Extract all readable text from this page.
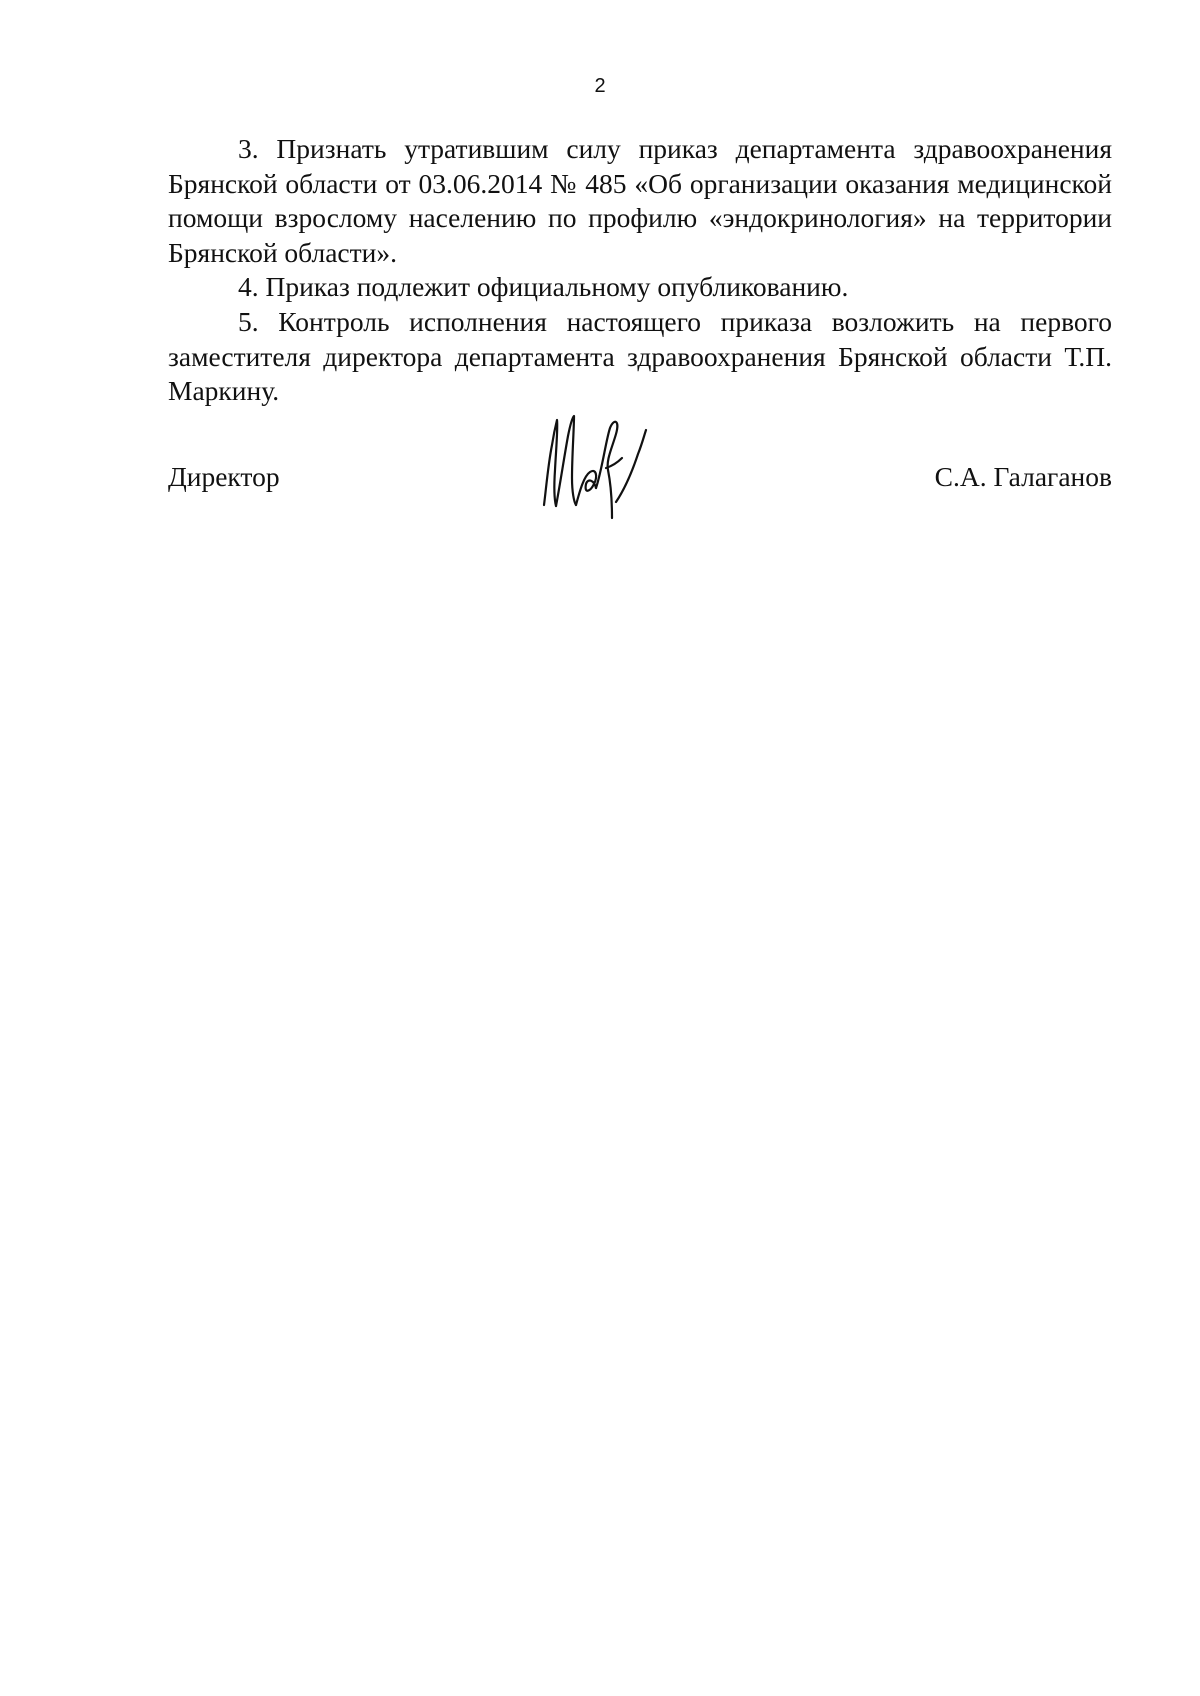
2

3. Признать утратившим силу приказ департамента здравоохранения Брянской области от 03.06.2014 № 485 «Об организации оказания медицинской помощи взрослому населению по профилю «эндокринология» на территории Брянской области».

4. Приказ подлежит официальному опубликованию.

5. Контроль исполнения настоящего приказа возложить на первого заместителя директора департамента здравоохранения Брянской области Т.П. Маркину.

Директор	С.А. Галаганов
